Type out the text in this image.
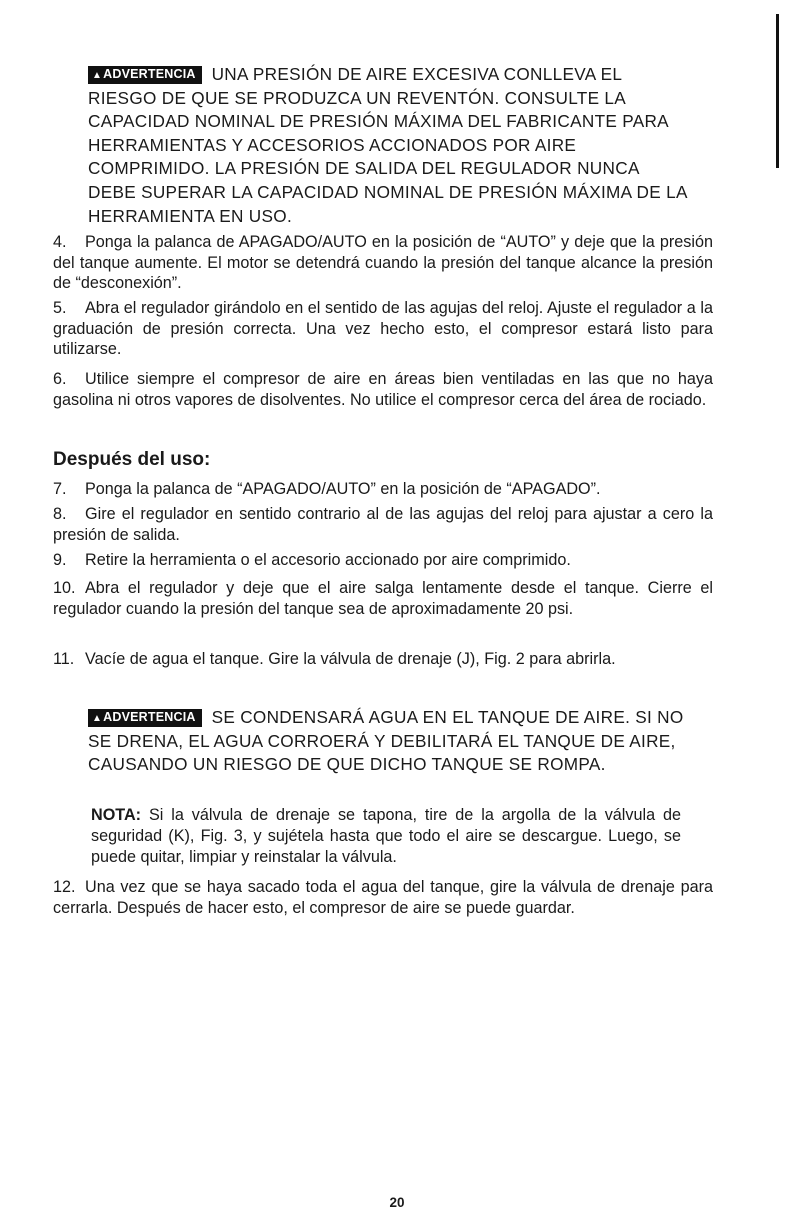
▲ADVERTENCIA UNA PRESIÓN DE AIRE EXCESIVA CONLLEVA EL RIESGO DE QUE SE PRODUZCA UN REVENTÓN. CONSULTE LA CAPACIDAD NOMINAL DE PRESIÓN MÁXIMA DEL FABRICANTE PARA HERRAMIENTAS Y ACCESORIOS ACCIONADOS POR AIRE COMPRIMIDO. LA PRESIÓN DE SALIDA DEL REGULADOR NUNCA DEBE SUPERAR LA CAPACIDAD NOMINAL DE PRESIÓN MÁXIMA DE LA HERRAMIENTA EN USO.
4. Ponga la palanca de APAGADO/AUTO en la posición de “AUTO” y deje que la presión del tanque aumente. El motor se detendrá cuando la presión del tanque alcance la presión de “desconexión”.
5. Abra el regulador girándolo en el sentido de las agujas del reloj. Ajuste el regulador a la graduación de presión correcta. Una vez hecho esto, el compresor estará listo para utilizarse.
6. Utilice siempre el compresor de aire en áreas bien ventiladas en las que no haya gasolina ni otros vapores de disolventes. No utilice el compresor cerca del área de rociado.
Después del uso:
7. Ponga la palanca de “APAGADO/AUTO” en la posición de “APAGADO”.
8. Gire el regulador en sentido contrario al de las agujas del reloj para ajustar a cero la presión de salida.
9. Retire la herramienta o el accesorio accionado por aire comprimido.
10. Abra el regulador y deje que el aire salga lentamente desde el tanque. Cierre el regulador cuando la presión del tanque sea de aproximadamente 20 psi.
11. Vacíe de agua el tanque. Gire la válvula de drenaje (J), Fig. 2 para abrirla.
▲ADVERTENCIA SE CONDENSARÁ AGUA EN EL TANQUE DE AIRE. SI NO SE DRENA, EL AGUA CORROERÁ Y DEBILITARÁ EL TANQUE DE AIRE, CAUSANDO UN RIESGO DE QUE DICHO TANQUE SE ROMPA.
NOTA: Si la válvula de drenaje se tapona, tire de la argolla de la válvula de seguridad (K), Fig. 3, y sujétela hasta que todo el aire se descargue. Luego, se puede quitar, limpiar y reinstalar la válvula.
12. Una vez que se haya sacado toda el agua del tanque, gire la válvula de drenaje para cerrarla. Después de hacer esto, el compresor de aire se puede guardar.
20
